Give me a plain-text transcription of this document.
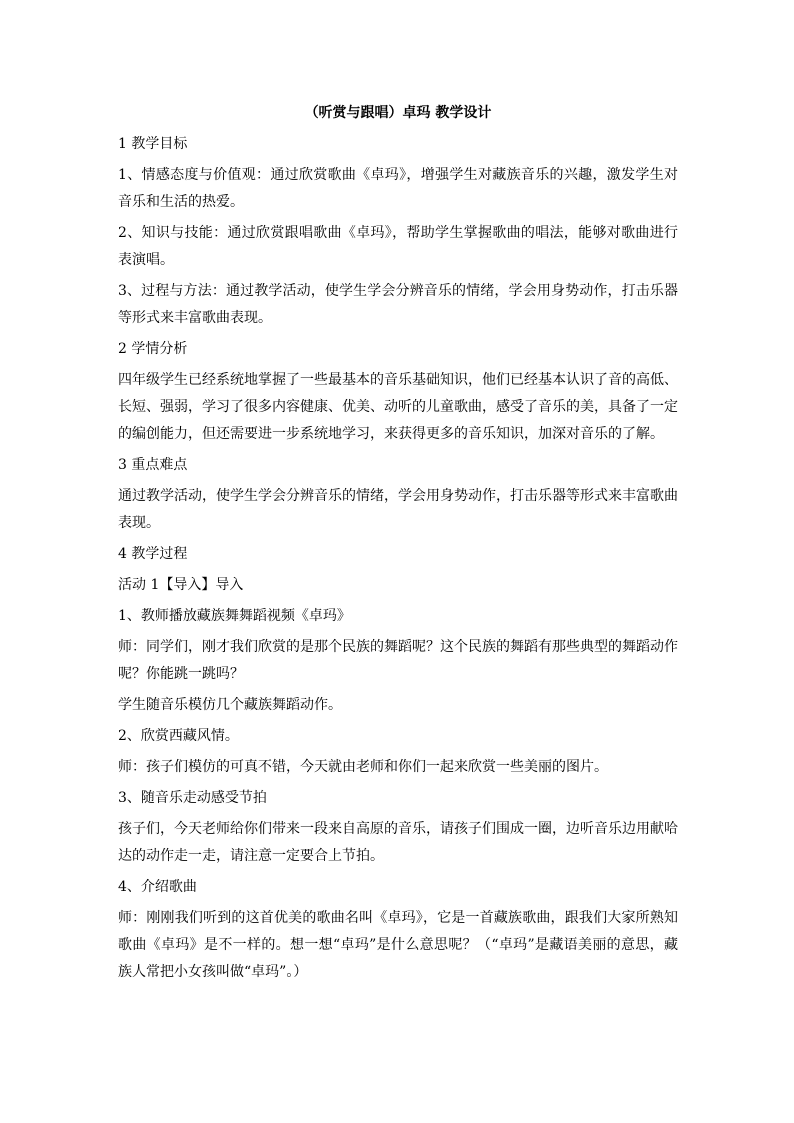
（听赏与跟唱）卓玛 教学设计

1 教学目标

1、情感态度与价值观：通过欣赏歌曲《卓玛》，增强学生对藏族音乐的兴趣，激发学生对音乐和生活的热爱。

2、知识与技能：通过欣赏跟唱歌曲《卓玛》，帮助学生掌握歌曲的唱法，能够对歌曲进行表演唱。

3、过程与方法：通过教学活动，使学生学会分辨音乐的情绪，学会用身势动作，打击乐器等形式来丰富歌曲表现。

2 学情分析

四年级学生已经系统地掌握了一些最基本的音乐基础知识，他们已经基本认识了音的高低、长短、强弱，学习了很多内容健康、优美、动听的儿童歌曲，感受了音乐的美，具备了一定的编创能力，但还需要进一步系统地学习，来获得更多的音乐知识，加深对音乐的了解。

3 重点难点

通过教学活动，使学生学会分辨音乐的情绪，学会用身势动作，打击乐器等形式来丰富歌曲表现。

4 教学过程

活动 1【导入】导入

1、教师播放藏族舞舞蹈视频《卓玛》

师：同学们，刚才我们欣赏的是那个民族的舞蹈呢？这个民族的舞蹈有那些典型的舞蹈动作呢？你能跳一跳吗？

学生随音乐模仿几个藏族舞蹈动作。

2、欣赏西藏风情。

师：孩子们模仿的可真不错，今天就由老师和你们一起来欣赏一些美丽的图片。

3、随音乐走动感受节拍

孩子们，今天老师给你们带来一段来自高原的音乐，请孩子们围成一圈，边听音乐边用献哈达的动作走一走，请注意一定要合上节拍。

4、介绍歌曲

师：刚刚我们听到的这首优美的歌曲名叫《卓玛》，它是一首藏族歌曲，跟我们大家所熟知歌曲《卓玛》是不一样的。想一想“卓玛”是什么意思呢？（“卓玛”是藏语美丽的意思，藏族人常把小女孩叫做“卓玛”。）
